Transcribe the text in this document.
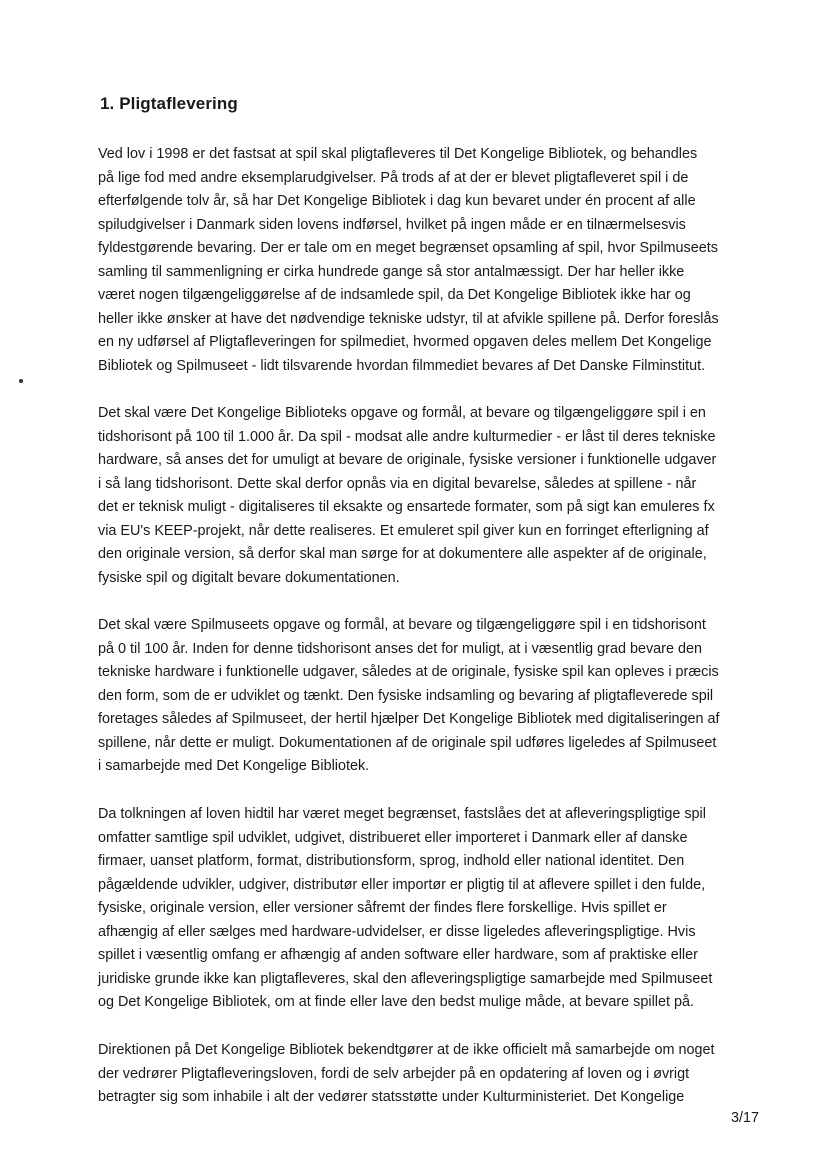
1. Pligtaflevering

Ved lov i 1998 er det fastsat at spil skal pligtafleveres til Det Kongelige Bibliotek, og behandles
på lige fod med andre eksemplarudgivelser. På trods af at der er blevet pligtafleveret spil i de
efterfølgende tolv år, så har Det Kongelige Bibliotek i dag kun bevaret under én procent af alle
spiludgivelser i Danmark siden lovens indførsel, hvilket på ingen måde er en tilnærmelsesvis
fyldestgørende bevaring. Der er tale om en meget begrænset opsamling af spil, hvor Spilmuseets
samling til sammenligning er cirka hundrede gange så stor antalmæssigt. Der har heller ikke
været nogen tilgængeliggørelse af de indsamlede spil, da Det Kongelige Bibliotek ikke har og
heller ikke ønsker at have det nødvendige tekniske udstyr, til at afvikle spillene på. Derfor foreslås
en ny udførsel af Pligtafleveringen for spilmediet, hvormed opgaven deles mellem Det Kongelige
Bibliotek og Spilmuseet - lidt tilsvarende hvordan filmmediet bevares af Det Danske Filminstitut.

Det skal være Det Kongelige Biblioteks opgave og formål, at bevare og tilgængeliggøre spil i en
tidshorisont på 100 til 1.000 år. Da spil - modsat alle andre kulturmedier - er låst til deres tekniske
hardware, så anses det for umuligt at bevare de originale, fysiske versioner i funktionelle udgaver
i så lang tidshorisont. Dette skal derfor opnås via en digital bevarelse, således at spillene - når
det er teknisk muligt - digitaliseres til eksakte og ensartede formater, som på sigt kan emuleres fx
via EU's KEEP-projekt, når dette realiseres. Et emuleret spil giver kun en forringet efterligning af
den originale version, så derfor skal man sørge for at dokumentere alle aspekter af de originale,
fysiske spil og digitalt bevare dokumentationen.

Det skal være Spilmuseets opgave og formål, at bevare og tilgængeliggøre spil i en tidshorisont
på 0 til 100 år. Inden for denne tidshorisont anses det for muligt, at i væsentlig grad bevare den
tekniske hardware i funktionelle udgaver, således at de originale, fysiske spil kan opleves i præcis
den form, som de er udviklet og tænkt. Den fysiske indsamling og bevaring af pligtafleverede spil
foretages således af Spilmuseet, der hertil hjælper Det Kongelige Bibliotek med digitaliseringen af
spillene, når dette er muligt. Dokumentationen af de originale spil udføres ligeledes af Spilmuseet
i samarbejde med Det Kongelige Bibliotek.

Da tolkningen af loven hidtil har været meget begrænset, fastslåes det at afleveringspligtige spil
omfatter samtlige spil udviklet, udgivet, distribueret eller importeret i Danmark eller af danske
firmaer, uanset platform, format, distributionsform, sprog, indhold eller national identitet. Den
pågældende udvikler, udgiver, distributør eller importør er pligtig til at aflevere spillet i den fulde,
fysiske, originale version, eller versioner såfremt der findes flere forskellige. Hvis spillet er
afhængig af eller sælges med hardware-udvidelser, er disse ligeledes afleveringspligtige. Hvis
spillet i væsentlig omfang er afhængig af anden software eller hardware, som af praktiske eller
juridiske grunde ikke kan pligtafleveres, skal den afleveringspligtige samarbejde med Spilmuseet
og Det Kongelige Bibliotek, om at finde eller lave den bedst mulige måde, at bevare spillet på.

Direktionen på Det Kongelige Bibliotek bekendtgører at de ikke officielt må samarbejde om noget
der vedrører Pligtafleveringsloven, fordi de selv arbejder på en opdatering af loven og i øvrigt
betragter sig som inhabile i alt der vedører statsstøtte under Kulturministeriet. Det Kongelige

3/17
